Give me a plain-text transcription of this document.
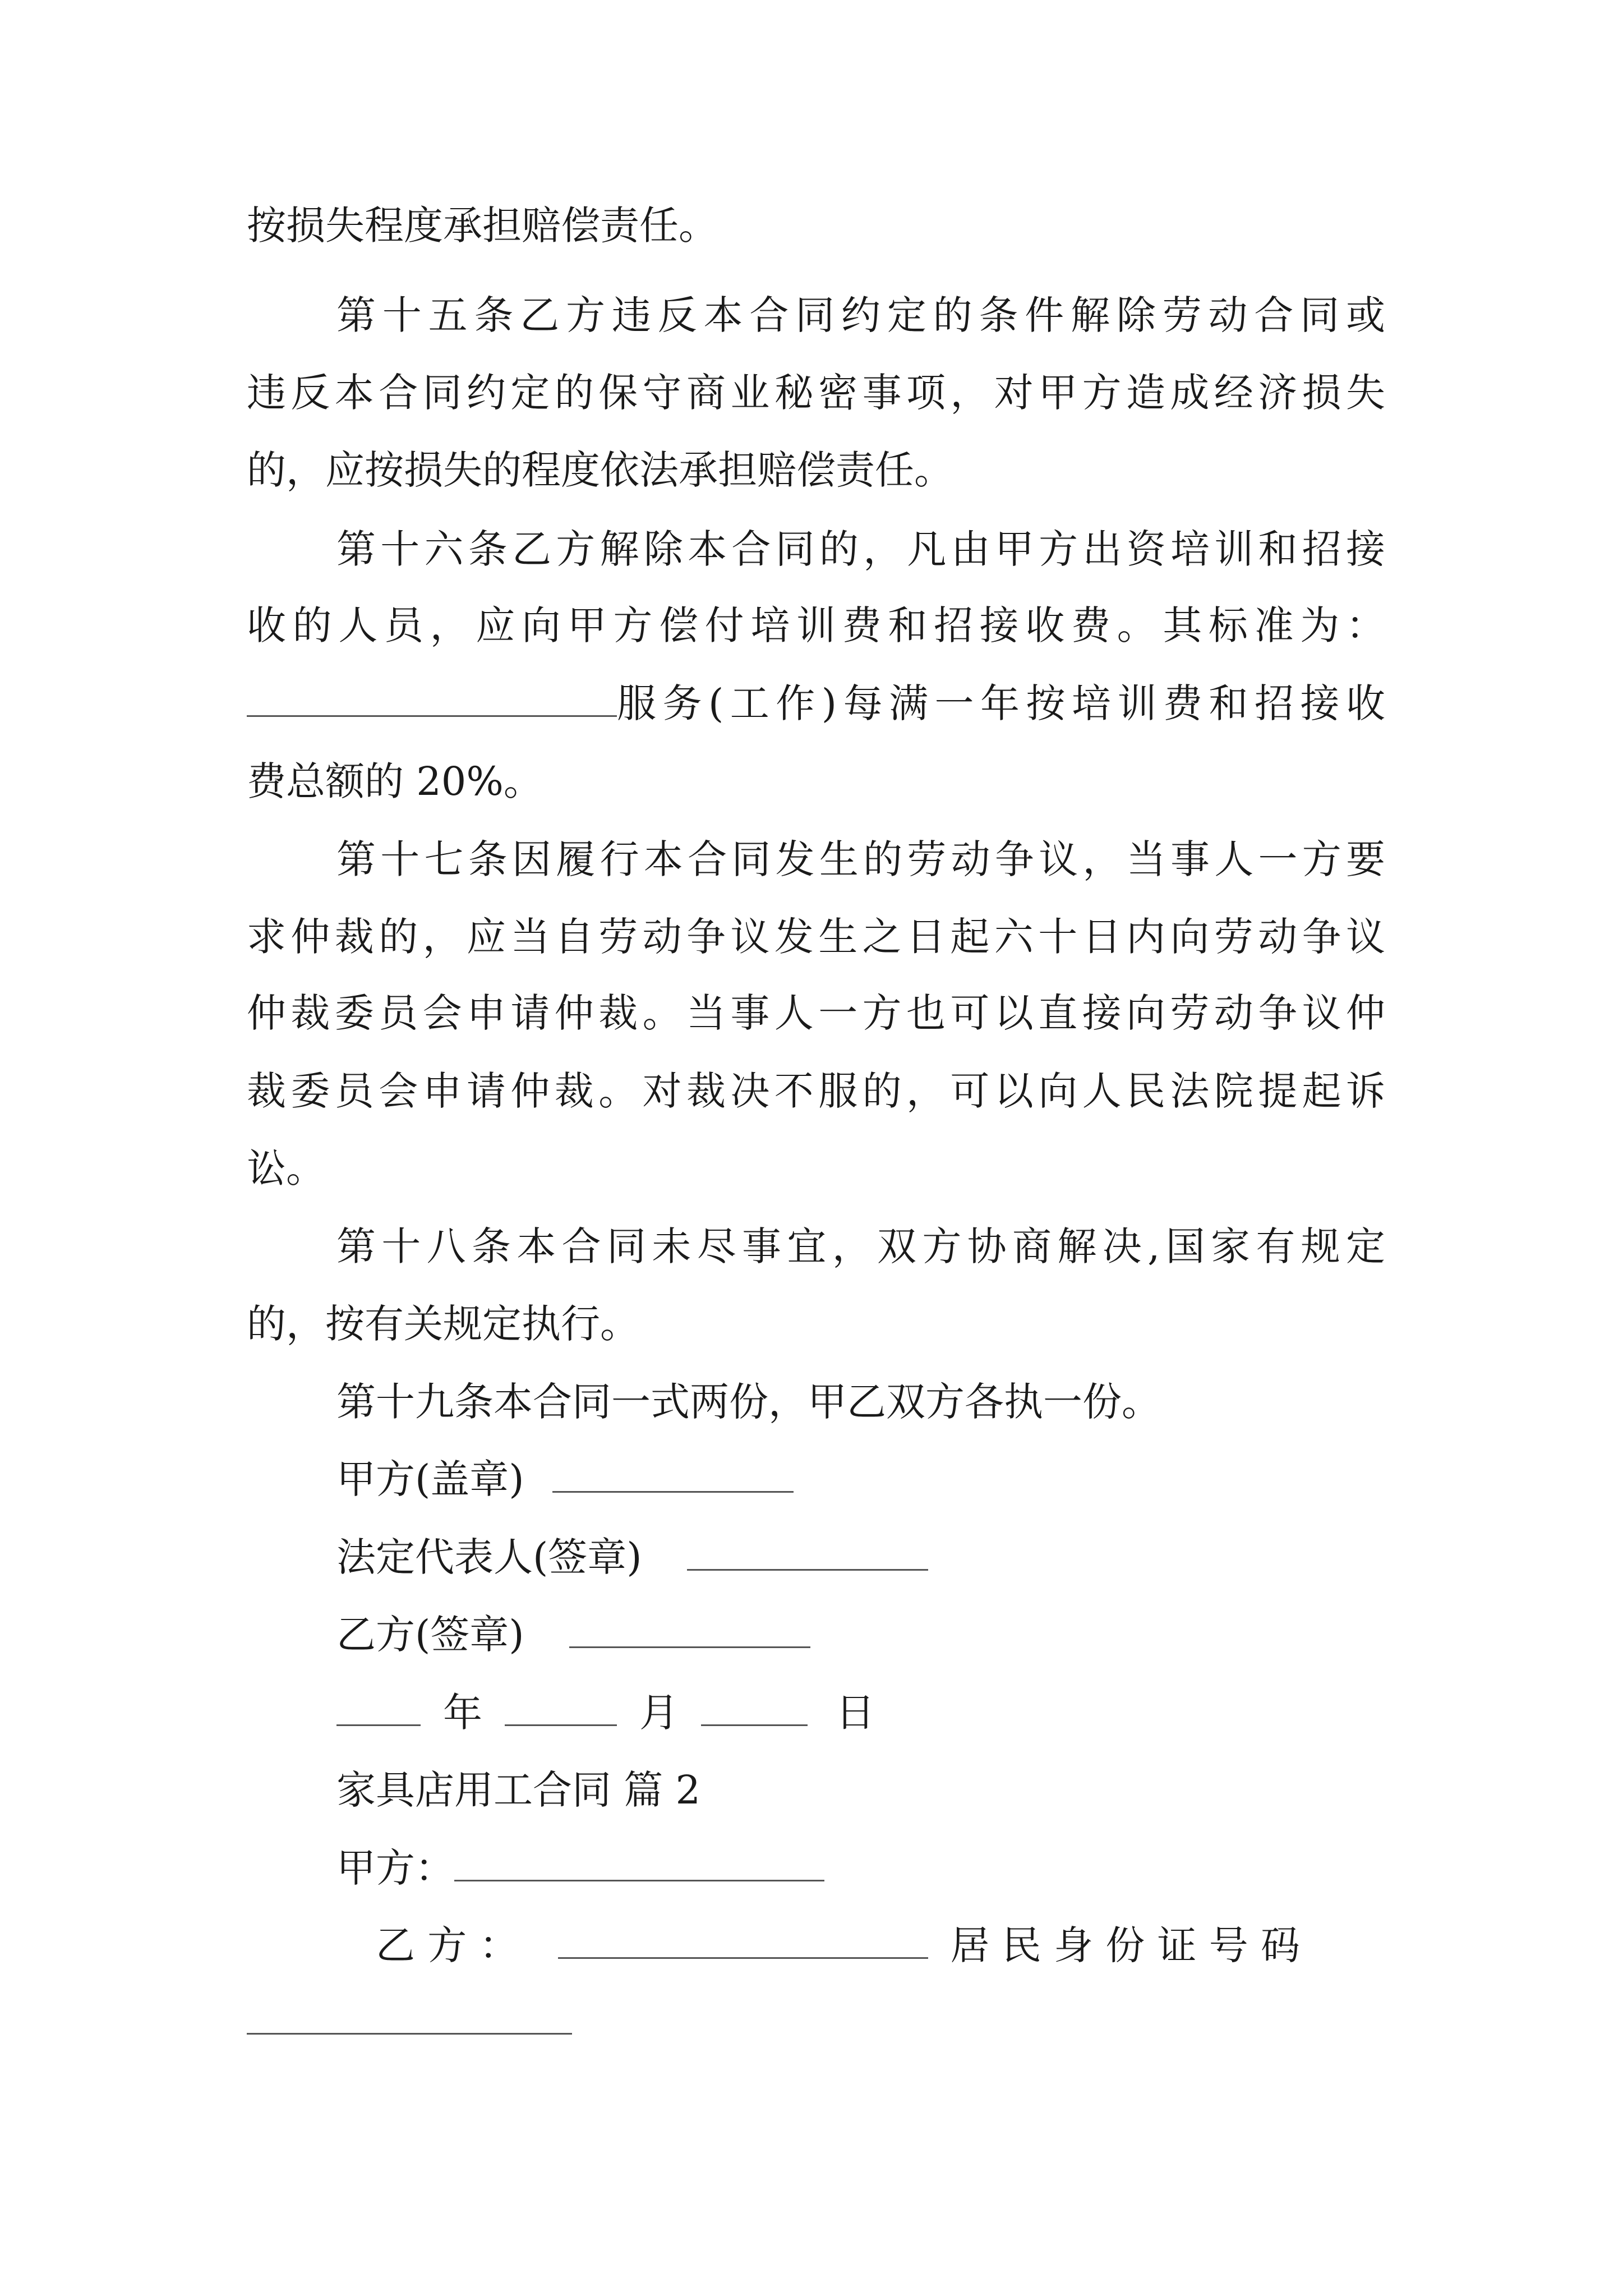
按损失程度承担赔偿责任。
第十五条乙方违反本合同约定的条件解除劳动合同或
违反本合同约定的保守商业秘密事项，对甲方造成经济损失
的，应按损失的程度依法承担赔偿责任。
第十六条乙方解除本合同的，凡由甲方出资培训和招接
收的人员，应向甲方偿付培训费和招接收费。其标准为：
服务(工作)每满一年按培训费和招接收
费总额的 20%。
第十七条因履行本合同发生的劳动争议，当事人一方要
求仲裁的，应当自劳动争议发生之日起六十日内向劳动争议
仲裁委员会申请仲裁。当事人一方也可以直接向劳动争议仲
裁委员会申请仲裁。对裁决不服的，可以向人民法院提起诉
讼。
第十八条本合同未尽事宜，双方协商解决,国家有规定
的，按有关规定执行。
第十九条本合同一式两份，甲乙双方各执一份。
甲方(盖章)
法定代表人(签章)
乙方(签章)
年	月	日
家具店用工合同 篇 2
甲方：
乙 方 ：	居 民 身 份 证 号 码
